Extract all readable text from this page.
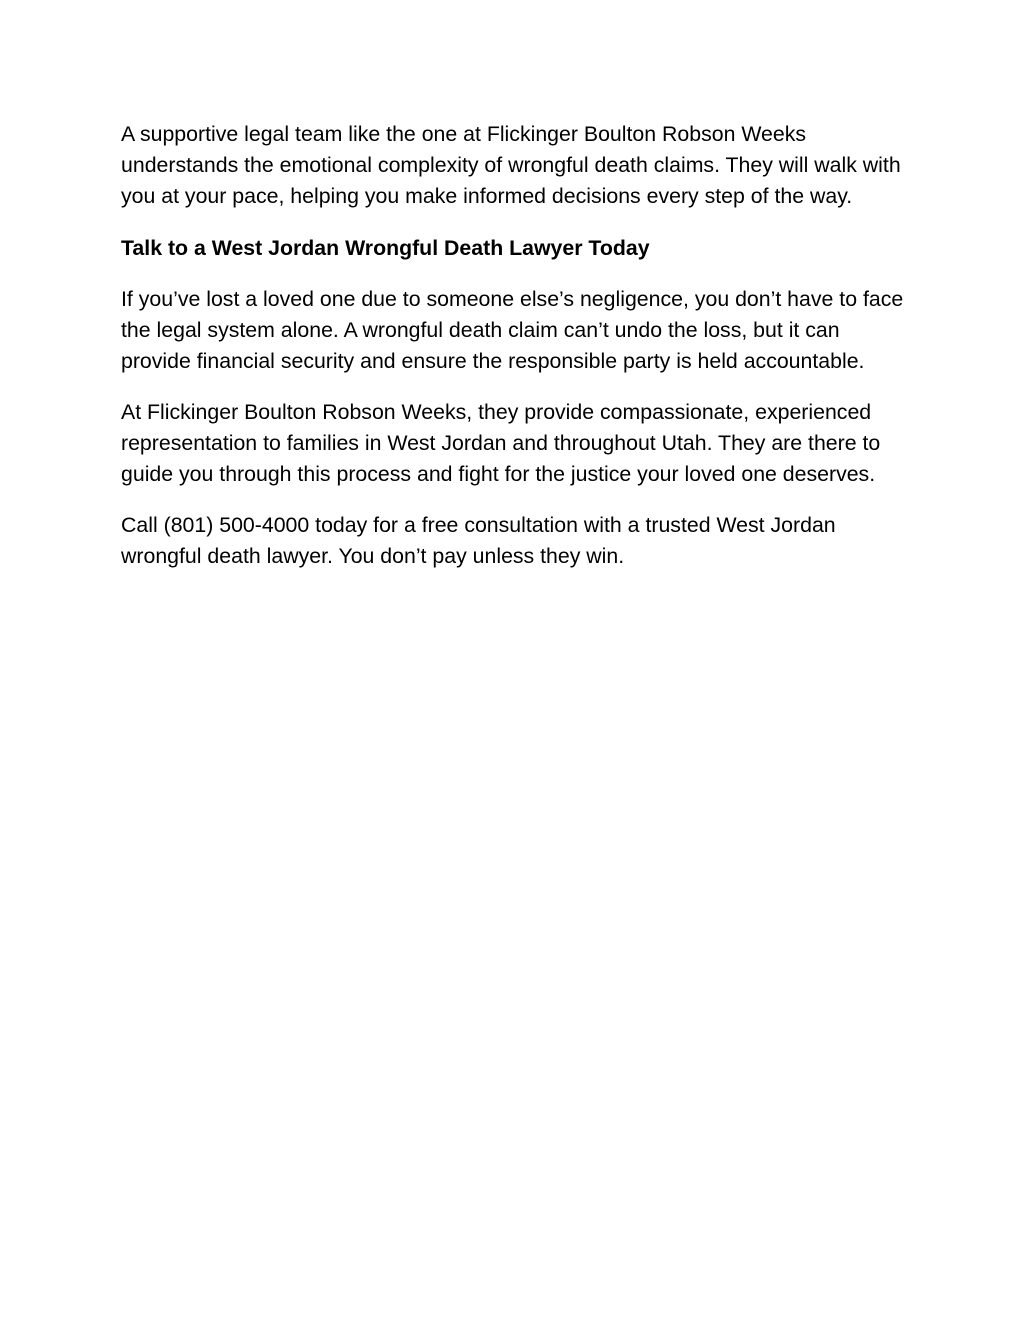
A supportive legal team like the one at Flickinger Boulton Robson Weeks understands the emotional complexity of wrongful death claims. They will walk with you at your pace, helping you make informed decisions every step of the way.

Talk to a West Jordan Wrongful Death Lawyer Today

If you’ve lost a loved one due to someone else’s negligence, you don’t have to face the legal system alone. A wrongful death claim can’t undo the loss, but it can provide financial security and ensure the responsible party is held accountable.

At Flickinger Boulton Robson Weeks, they provide compassionate, experienced representation to families in West Jordan and throughout Utah. They are there to guide you through this process and fight for the justice your loved one deserves.

Call (801) 500-4000 today for a free consultation with a trusted West Jordan wrongful death lawyer. You don’t pay unless they win.
